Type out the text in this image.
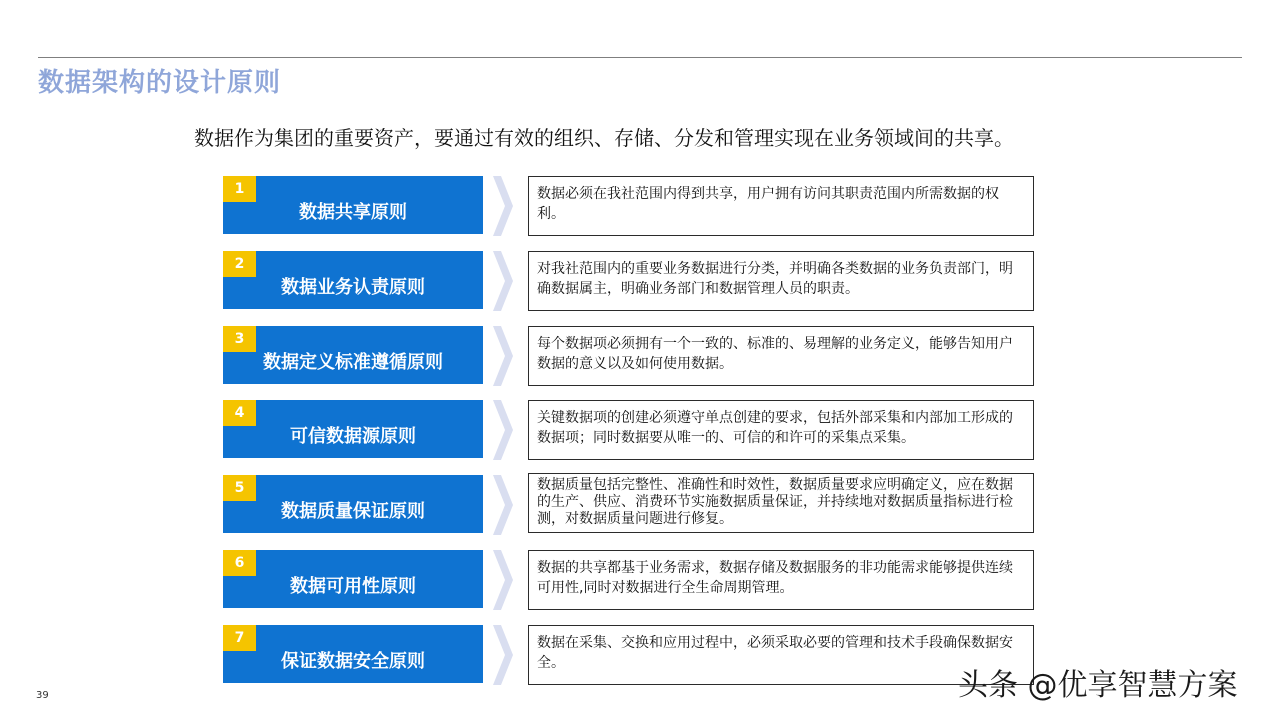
数据架构的设计原则
数据作为集团的重要资产，要通过有效的组织、存储、分发和管理实现在业务领域间的共享。
1
数据共享原则
数据必须在我社范围内得到共享，用户拥有访问其职责范围内所需数据的权利。
2
数据业务认责原则
对我社范围内的重要业务数据进行分类，并明确各类数据的业务负责部门，明确数据属主，明确业务部门和数据管理人员的职责。
3
数据定义标准遵循原则
每个数据项必须拥有一个一致的、标准的、易理解的业务定义，能够告知用户数据的意义以及如何使用数据。
4
可信数据源原则
关键数据项的创建必须遵守单点创建的要求，包括外部采集和内部加工形成的数据项；同时数据要从唯一的、可信的和许可的采集点采集。
5
数据质量保证原则
数据质量包括完整性、准确性和时效性，数据质量要求应明确定义，应在数据的生产、供应、消费环节实施数据质量保证，并持续地对数据质量指标进行检测，对数据质量问题进行修复。
6
数据可用性原则
数据的共享都基于业务需求，数据存储及数据服务的非功能需求能够提供连续可用性,同时对数据进行全生命周期管理。
7
保证数据安全原则
数据在采集、交换和应用过程中，必须采取必要的管理和技术手段确保数据安全。
39	头条 @优享智慧方案
